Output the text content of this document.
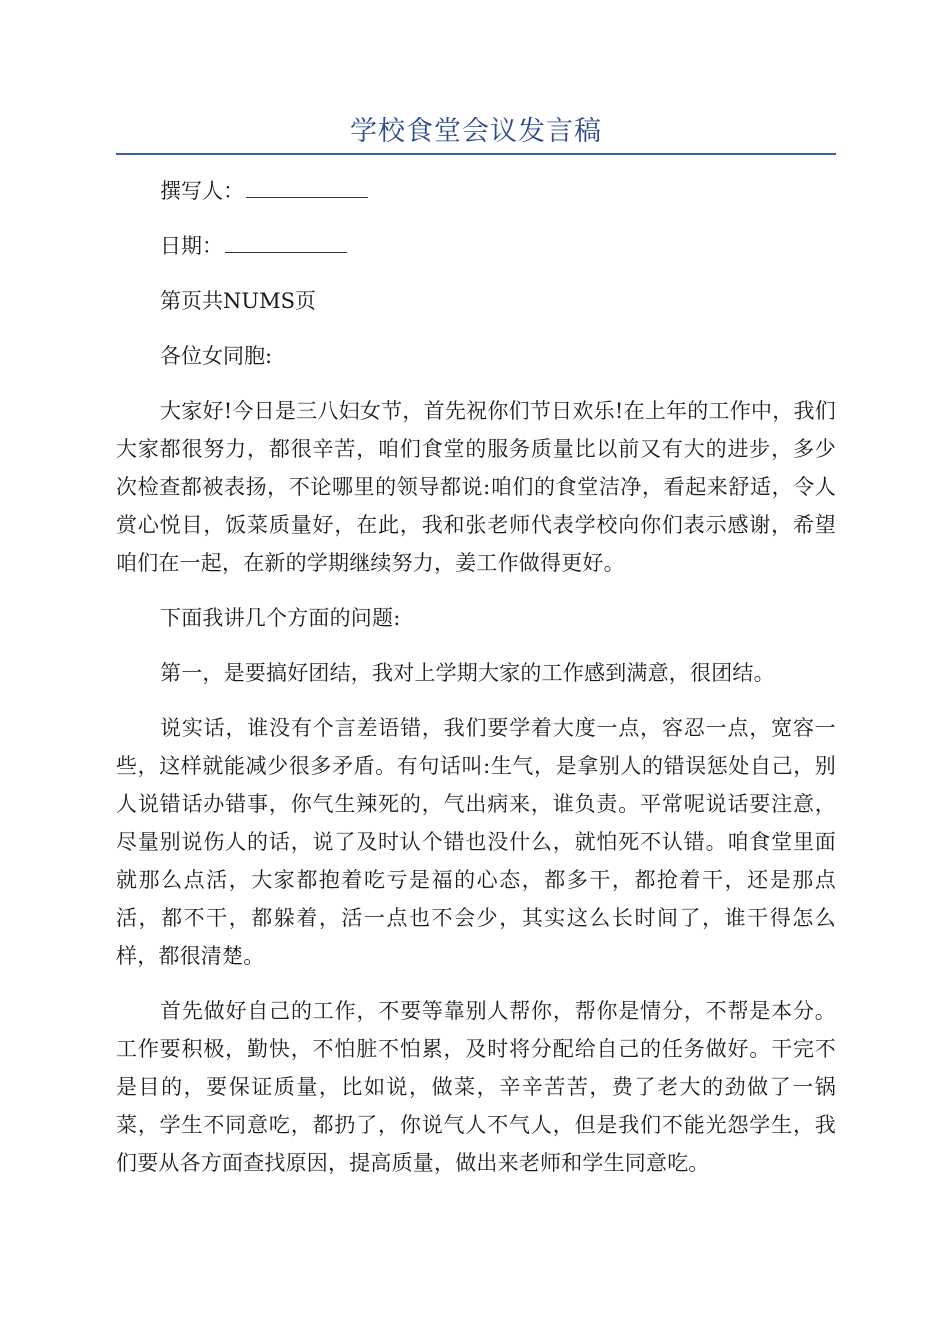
学校食堂会议发言稿
撰写人：
日期：
第页共NUMS页
各位女同胞:

大家好!今日是三八妇女节，首先祝你们节日欢乐!在上年的工作中，我们大家都很努力，都很辛苦，咱们食堂的服务质量比以前又有大的进步，多少次检查都被表扬，不论哪里的领导都说:咱们的食堂洁净，看起来舒适，令人赏心悦目，饭菜质量好，在此，我和张老师代表学校向你们表示感谢，希望咱们在一起，在新的学期继续努力，姜工作做得更好。

下面我讲几个方面的问题:

第一，是要搞好团结，我对上学期大家的工作感到满意，很团结。

说实话，谁没有个言差语错，我们要学着大度一点，容忍一点，宽容一些，这样就能减少很多矛盾。有句话叫:生气，是拿别人的错误惩处自己，别人说错话办错事，你气生辣死的，气出病来，谁负责。平常呢说话要注意，尽量别说伤人的话，说了及时认个错也没什么，就怕死不认错。咱食堂里面就那么点活，大家都抱着吃亏是福的心态，都多干，都抢着干，还是那点活，都不干，都躲着，活一点也不会少，其实这么长时间了，谁干得怎么样，都很清楚。

首先做好自己的工作，不要等靠别人帮你，帮你是情分，不帮是本分。工作要积极，勤快，不怕脏不怕累，及时将分配给自己的任务做好。干完不是目的，要保证质量，比如说，做菜，辛辛苦苦，费了老大的劲做了一锅菜，学生不同意吃，都扔了，你说气人不气人，但是我们不能光怨学生，我们要从各方面查找原因，提高质量，做出来老师和学生同意吃。
